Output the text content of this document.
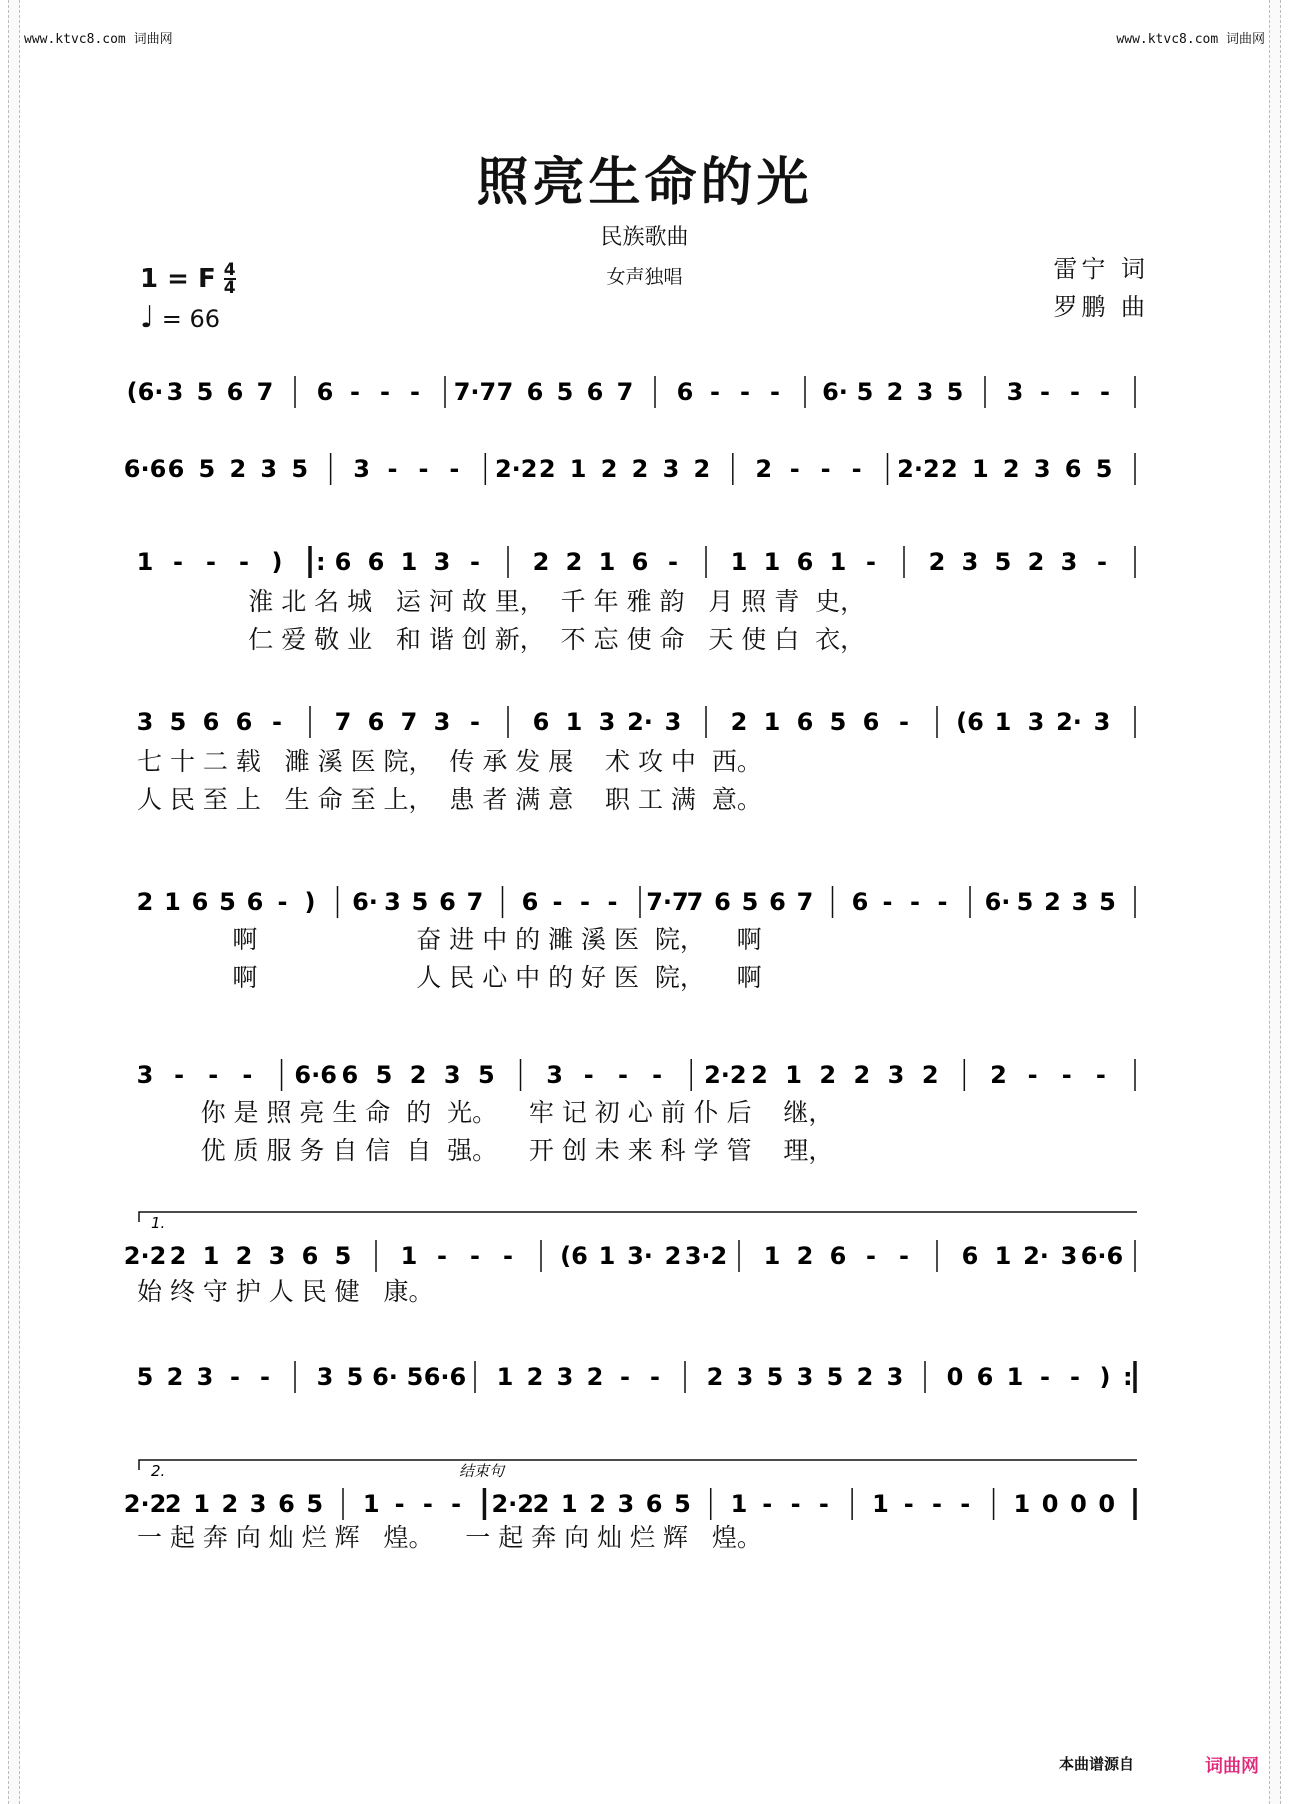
www.ktvc8.com 词曲网	www.ktvc8.com 词曲网
照亮生命的光
民族歌曲
女声独唱	雷宁 词
罗鹏 曲
1 = F 4
4
♩ = 66
(6· 3 5 6 7 6 - - - 7·7 7 6 5 6 7 6 - - - 6· 5 2 3 5 3 - - -
6·6 6 5 2 3 5 3 - - - 2·2 2 1 2 2 3 2 2 - - - 2·2 2 1 2 3 6 5
1 - - - ) : 6 6 1 3 - 2 2 1 6 - 1 1 6 1 - 2 3 5 2 3 -
淮 北 名 城   运 河 故 里，  千 年 雅 韵   月 照 青  史，
仁 爱 敬 业   和 谐 创 新，  不 忘 使 命   天 使 白  衣，
3 5 6 6 - 7 6 7 3 - 6 1 3 2· 3 2 1 6 5 6 - (6 1 3 2· 3
七 十 二 载   濉 溪 医 院，  传 承 发 展    术 攻 中  西。
人 民 至 上   生 命 至 上，  患 者 满 意    职 工 满  意。
2 1 6 5 6 - ) 6· 3 5 6 7 6 - - - 7·7
7 6 5 6 7 6 - - - 6· 5 2 3 5
啊                    奋 进 中 的 濉 溪 医  院，    啊
啊                    人 民 心 中 的 好 医  院，    啊
3 - - - 6·6 6 5 2 3 5 3 - - - 2·2 2 1 2 2 3 2 2 - - -
你 是 照 亮 生 命  的  光。    牢 记 初 心 前 仆 后    继，
优 质 服 务 自 信  自  强。    开 创 未 来 科 学 管    理，
1.
2·2 2 1 2 3 6 5 1 - - - (6 1 3· 2 3·2 1 2 6 - - 6 1 2· 3 6·6
始 终 守 护 人 民 健   康。
5 2 3 - - 3 5 6· 5 6·6 1 2 3 2 - - 2 3 5 3 5 2 3 0 6 1 - - ) :
2.
2·2
2 1 2 3 6 5 1 - - - 2·2
2 1 2 3 6 5 1 - - - 1 - - - 1 0 0 0
结束句
一 起 奔 向 灿 烂 辉   煌。    一 起 奔 向 灿 烂 辉   煌。
本曲谱源自	词曲网
